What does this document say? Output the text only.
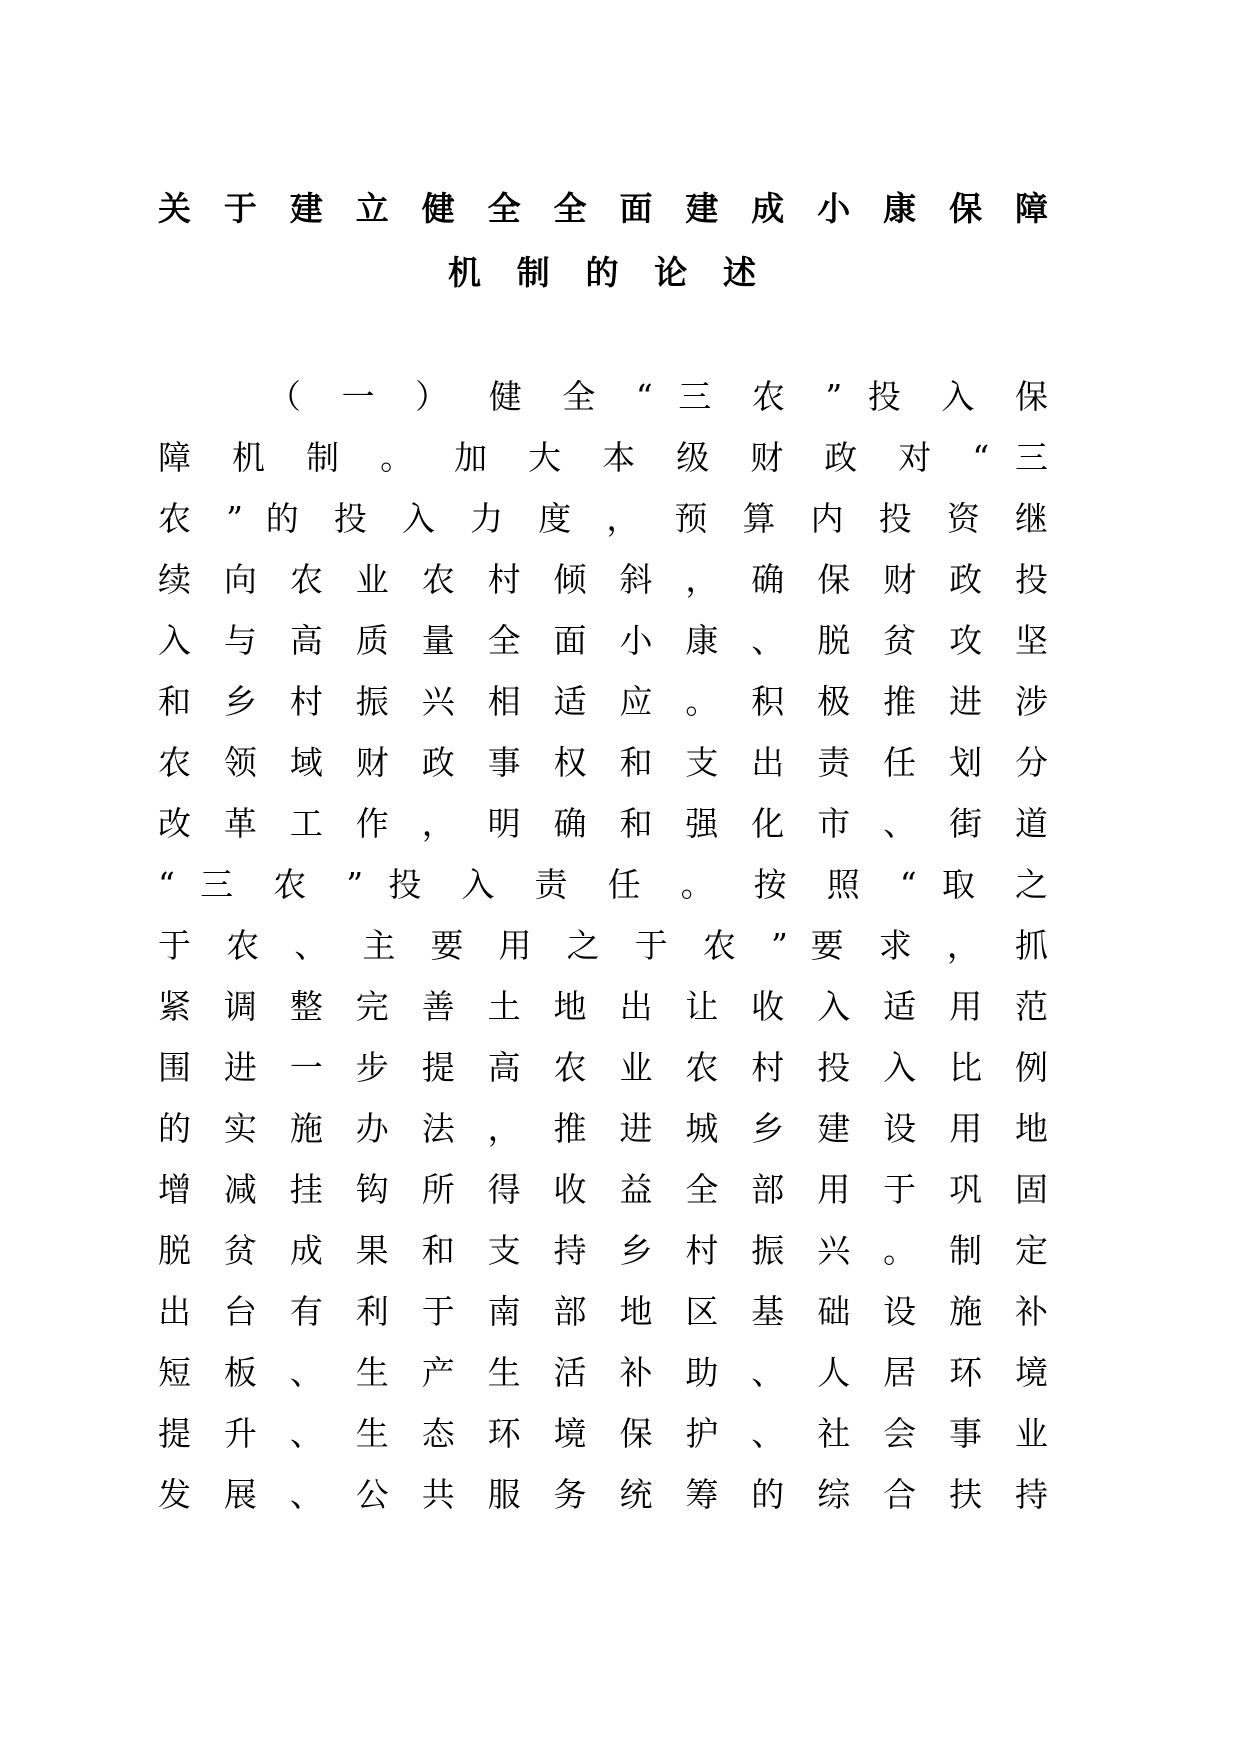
关 于 建 立 健 全 全 面 建 成 小 康 保 障
机 制 的 论 述
（ 一 ） 健 全 “ 三 农 ” 投 入 保
障 机 制 。 加 大 本 级 财 政 对 “ 三
农 ” 的 投 入 力 度 ， 预 算 内 投 资 继
续 向 农 业 农 村 倾 斜 ， 确 保 财 政 投
入 与 高 质 量 全 面 小 康 、 脱 贫 攻 坚
和 乡 村 振 兴 相 适 应 。 积 极 推 进 涉
农 领 域 财 政 事 权 和 支 出 责 任 划 分
改 革 工 作 ， 明 确 和 强 化 市 、 街 道
“ 三 农 ” 投 入 责 任 。 按 照 “ 取 之
于 农 、 主 要 用 之 于 农 ” 要 求 ， 抓
紧 调 整 完 善 土 地 出 让 收 入 适 用 范
围 进 一 步 提 高 农 业 农 村 投 入 比 例
的 实 施 办 法 ， 推 进 城 乡 建 设 用 地
增 减 挂 钩 所 得 收 益 全 部 用 于 巩 固
脱 贫 成 果 和 支 持 乡 村 振 兴 。 制 定
出 台 有 利 于 南 部 地 区 基 础 设 施 补
短 板 、 生 产 生 活 补 助 、 人 居 环 境
提 升 、 生 态 环 境 保 护 、 社 会 事 业
发 展 、 公 共 服 务 统 筹 的 综 合 扶 持
